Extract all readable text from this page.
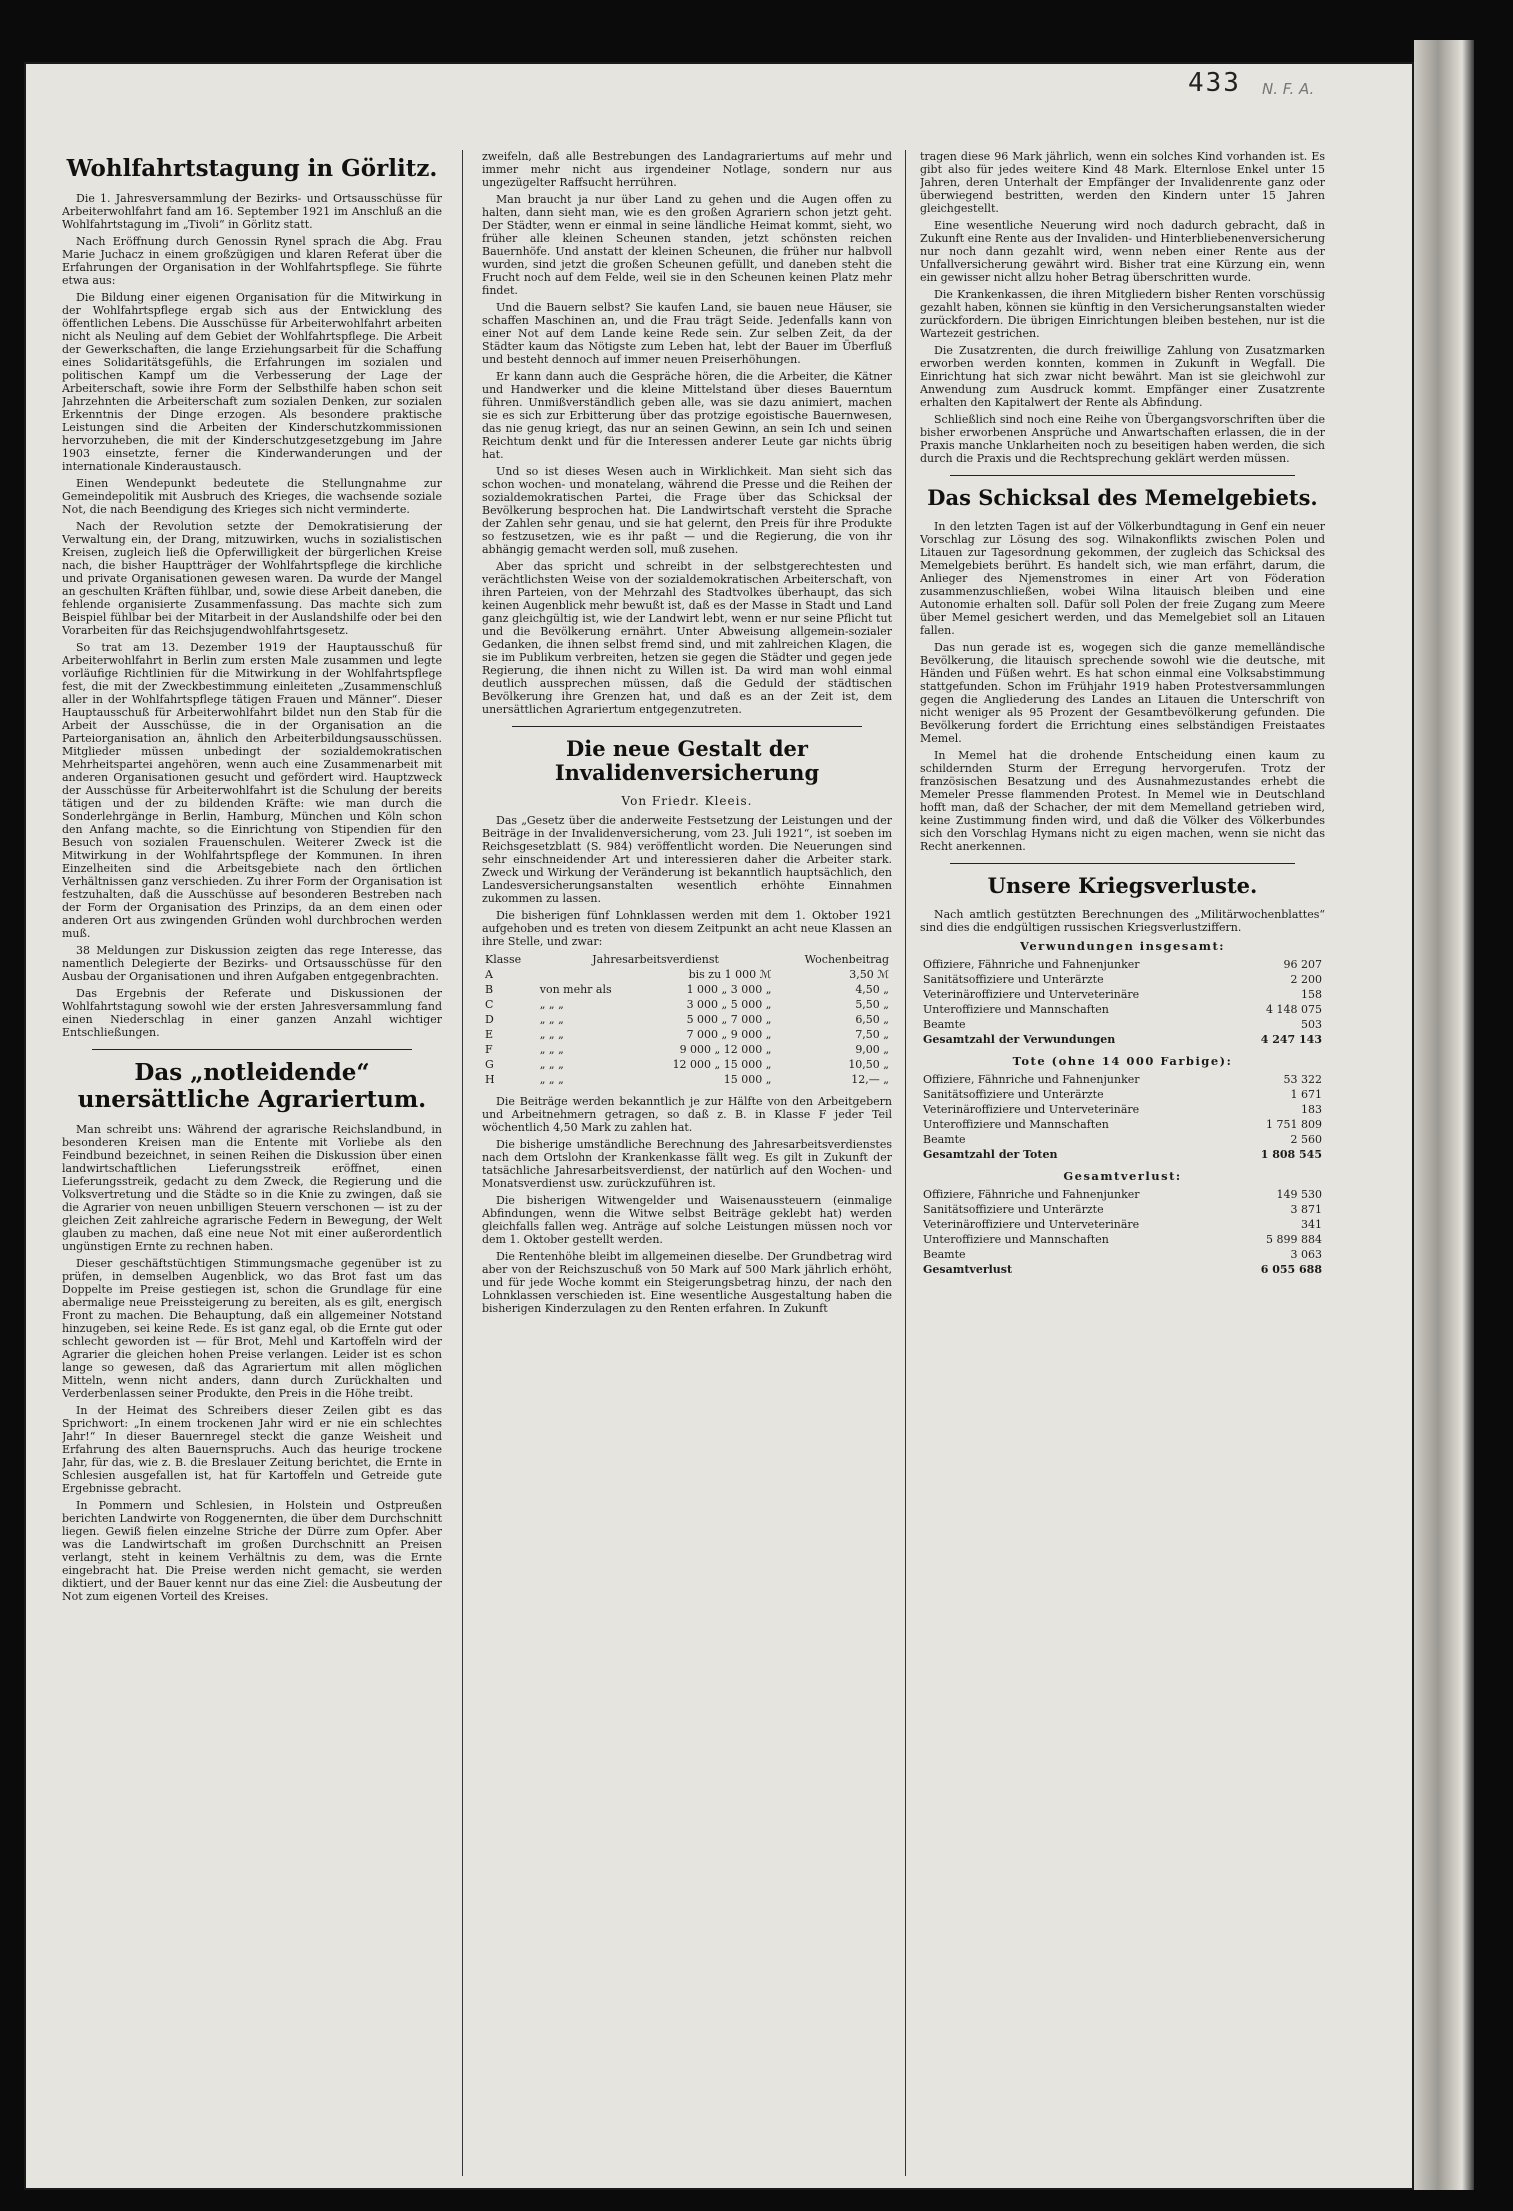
433 N. F. A.
Wohlfahrtstagung in Görlitz.

Die 1. Jahresversammlung der Bezirks- und Ortsausschüsse für Arbeiterwohlfahrt fand am 16. September 1921 im Anschluß an die Wohlfahrtstagung im „Tivoli“ in Görlitz statt.

Nach Eröffnung durch Genossin Rynel sprach die Abg. Frau Marie Juchacz in einem großzügigen und klaren Referat über die Erfahrungen der Organisation in der Wohlfahrtspflege. Sie führte etwa aus:

Die Bildung einer eigenen Organisation für die Mitwirkung in der Wohlfahrtspflege ergab sich aus der Entwicklung des öffentlichen Lebens. Die Ausschüsse für Arbeiterwohlfahrt arbeiten nicht als Neuling auf dem Gebiet der Wohlfahrtspflege. Die Arbeit der Gewerkschaften, die lange Erziehungsarbeit für die Schaffung eines Solidaritätsgefühls, die Erfahrungen im sozialen und politischen Kampf um die Verbesserung der Lage der Arbeiterschaft, sowie ihre Form der Selbsthilfe haben schon seit Jahrzehnten die Arbeiterschaft zum sozialen Denken, zur sozialen Erkenntnis der Dinge erzogen. Als besondere praktische Leistungen sind die Arbeiten der Kinderschutzkommissionen hervorzuheben, die mit der Kinderschutzgesetzgebung im Jahre 1903 einsetzte, ferner die Kinderwanderungen und der internationale Kinderaustausch.

Einen Wendepunkt bedeutete die Stellungnahme zur Gemeindepolitik mit Ausbruch des Krieges, die wachsende soziale Not, die nach Beendigung des Krieges sich nicht verminderte.

Nach der Revolution setzte der Demokratisierung der Verwaltung ein, der Drang, mitzuwirken, wuchs in sozialistischen Kreisen, zugleich ließ die Opferwilligkeit der bürgerlichen Kreise nach, die bisher Hauptträger der Wohlfahrtspflege die kirchliche und private Organisationen gewesen waren. Da wurde der Mangel an geschulten Kräften fühlbar, und, sowie diese Arbeit daneben, die fehlende organisierte Zusammenfassung. Das machte sich zum Beispiel fühlbar bei der Mitarbeit in der Auslandshilfe oder bei den Vorarbeiten für das Reichsjugendwohlfahrtsgesetz.

So trat am 13. Dezember 1919 der Hauptausschuß für Arbeiterwohlfahrt in Berlin zum ersten Male zusammen und legte vorläufige Richtlinien für die Mitwirkung in der Wohlfahrtspflege fest, die mit der Zweckbestimmung einleiteten „Zusammenschluß aller in der Wohlfahrtspflege tätigen Frauen und Männer“. Dieser Hauptausschuß für Arbeiterwohlfahrt bildet nun den Stab für die Arbeit der Ausschüsse, die in der Organisation an die Parteiorganisation an, ähnlich den Arbeiterbildungsausschüssen. Mitglieder müssen unbedingt der sozialdemokratischen Mehrheitspartei angehören, wenn auch eine Zusammenarbeit mit anderen Organisationen gesucht und gefördert wird. Hauptzweck der Ausschüsse für Arbeiterwohlfahrt ist die Schulung der bereits tätigen und der zu bildenden Kräfte: wie man durch die Sonderlehrgänge in Berlin, Hamburg, München und Köln schon den Anfang machte, so die Einrichtung von Stipendien für den Besuch von sozialen Frauenschulen. Weiterer Zweck ist die Mitwirkung in der Wohlfahrtspflege der Kommunen. In ihren Einzelheiten sind die Arbeitsgebiete nach den örtlichen Verhältnissen ganz verschieden. Zu ihrer Form der Organisation ist festzuhalten, daß die Ausschüsse auf besonderen Bestreben nach der Form der Organisation des Prinzips, da an dem einen oder anderen Ort aus zwingenden Gründen wohl durchbrochen werden muß.

38 Meldungen zur Diskussion zeigten das rege Interesse, das namentlich Delegierte der Bezirks- und Ortsausschüsse für den Ausbau der Organisationen und ihren Aufgaben entgegenbrachten.

Das Ergebnis der Referate und Diskussionen der Wohlfahrtstagung sowohl wie der ersten Jahresversammlung fand einen Niederschlag in einer ganzen Anzahl wichtiger Entschließungen.

Das „notleidende“ unersättliche Agrariertum.

Man schreibt uns: Während der agrarische Reichslandbund, in besonderen Kreisen man die Entente mit Vorliebe als den Feindbund bezeichnet, in seinen Reihen die Diskussion über einen landwirtschaftlichen Lieferungsstreik eröffnet, einen Lieferungsstreik, gedacht zu dem Zweck, die Regierung und die Volksvertretung und die Städte so in die Knie zu zwingen, daß sie die Agrarier von neuen unbilligen Steuern verschonen — ist zu der gleichen Zeit zahlreiche agrarische Federn in Bewegung, der Welt glauben zu machen, daß eine neue Not mit einer außerordentlich ungünstigen Ernte zu rechnen haben.

Dieser geschäftstüchtigen Stimmungsmache gegenüber ist zu prüfen, in demselben Augenblick, wo das Brot fast um das Doppelte im Preise gestiegen ist, schon die Grundlage für eine abermalige neue Preissteigerung zu bereiten, als es gilt, energisch Front zu machen. Die Behauptung, daß ein allgemeiner Notstand hinzugeben, sei keine Rede. Es ist ganz egal, ob die Ernte gut oder schlecht geworden ist — für Brot, Mehl und Kartoffeln wird der Agrarier die gleichen hohen Preise verlangen. Leider ist es schon lange so gewesen, daß das Agrariertum mit allen möglichen Mitteln, wenn nicht anders, dann durch Zurückhalten und Verderbenlassen seiner Produkte, den Preis in die Höhe treibt.

In der Heimat des Schreibers dieser Zeilen gibt es das Sprichwort: „In einem trockenen Jahr wird er nie ein schlechtes Jahr!“ In dieser Bauernregel steckt die ganze Weisheit und Erfahrung des alten Bauernspruchs. Auch das heurige trockene Jahr, für das, wie z. B. die Breslauer Zeitung berichtet, die Ernte in Schlesien ausgefallen ist, hat für Kartoffeln und Getreide gute Ergebnisse gebracht.

In Pommern und Schlesien, in Holstein und Ostpreußen berichten Landwirte von Roggenernten, die über dem Durchschnitt liegen. Gewiß fielen einzelne Striche der Dürre zum Opfer. Aber was die Landwirtschaft im großen Durchschnitt an Preisen verlangt, steht in keinem Verhältnis zu dem, was die Ernte eingebracht hat. Die Preise werden nicht gemacht, sie werden diktiert, und der Bauer kennt nur das eine Ziel: die Ausbeutung der Not zum eigenen Vorteil des Kreises.

zweifeln, daß alle Bestrebungen des Landagrariertums auf mehr und immer mehr nicht aus irgendeiner Notlage, sondern nur aus ungezügelter Raffsucht herrühren.

Man braucht ja nur über Land zu gehen und die Augen offen zu halten, dann sieht man, wie es den großen Agrariern schon jetzt geht. Der Städter, wenn er einmal in seine ländliche Heimat kommt, sieht, wo früher alle kleinen Scheunen standen, jetzt schönsten reichen Bauernhöfe. Und anstatt der kleinen Scheunen, die früher nur halbvoll wurden, sind jetzt die großen Scheunen gefüllt, und daneben steht die Frucht noch auf dem Felde, weil sie in den Scheunen keinen Platz mehr findet.

Und die Bauern selbst? Sie kaufen Land, sie bauen neue Häuser, sie schaffen Maschinen an, und die Frau trägt Seide. Jedenfalls kann von einer Not auf dem Lande keine Rede sein. Zur selben Zeit, da der Städter kaum das Nötigste zum Leben hat, lebt der Bauer im Überfluß und besteht dennoch auf immer neuen Preiserhöhungen.

Er kann dann auch die Gespräche hören, die die Arbeiter, die Kätner und Handwerker und die kleine Mittelstand über dieses Bauerntum führen. Unmißverständlich geben alle, was sie dazu animiert, machen sie es sich zur Erbitterung über das protzige egoistische Bauernwesen, das nie genug kriegt, das nur an seinen Gewinn, an sein Ich und seinen Reichtum denkt und für die Interessen anderer Leute gar nichts übrig hat.

Und so ist dieses Wesen auch in Wirklichkeit. Man sieht sich das schon wochen- und monatelang, während die Presse und die Reihen der sozialdemokratischen Partei, die Frage über das Schicksal der Bevölkerung besprochen hat. Die Landwirtschaft versteht die Sprache der Zahlen sehr genau, und sie hat gelernt, den Preis für ihre Produkte so festzusetzen, wie es ihr paßt — und die Regierung, die von ihr abhängig gemacht werden soll, muß zusehen.

Aber das spricht und schreibt in der selbstgerechtesten und verächtlichsten Weise von der sozialdemokratischen Arbeiterschaft, von ihren Parteien, von der Mehrzahl des Stadtvolkes überhaupt, das sich keinen Augenblick mehr bewußt ist, daß es der Masse in Stadt und Land ganz gleichgültig ist, wie der Landwirt lebt, wenn er nur seine Pflicht tut und die Bevölkerung ernährt. Unter Abweisung allgemein-sozialer Gedanken, die ihnen selbst fremd sind, und mit zahlreichen Klagen, die sie im Publikum verbreiten, hetzen sie gegen die Städter und gegen jede Regierung, die ihnen nicht zu Willen ist. Da wird man wohl einmal deutlich aussprechen müssen, daß die Geduld der städtischen Bevölkerung ihre Grenzen hat, und daß es an der Zeit ist, dem unersättlichen Agrariertum entgegenzutreten.

Die neue Gestalt der Invalidenversicherung
Von Friedr. Kleeis.

Das „Gesetz über die anderweite Festsetzung der Leistungen und der Beiträge in der Invalidenversicherung, vom 23. Juli 1921“, ist soeben im Reichsgesetzblatt (S. 984) veröffentlicht worden. Die Neuerungen sind sehr einschneidender Art und interessieren daher die Arbeiter stark. Zweck und Wirkung der Veränderung ist bekanntlich hauptsächlich, den Landesversicherungsanstalten wesentlich erhöhte Einnahmen zukommen zu lassen.

Die bisherigen fünf Lohnklassen werden mit dem 1. Oktober 1921 aufgehoben und es treten von diesem Zeitpunkt an acht neue Klassen an ihre Stelle, und zwar:

Klasse	Jahresarbeitsverdienst		Wochenbeitrag
A		bis zu 1 000 ℳ	3,50 ℳ
B	von mehr als	1 000 „ 3 000 „	4,50 „
C	„ „ „	3 000 „ 5 000 „	5,50 „
D	„ „ „	5 000 „ 7 000 „	6,50 „
E	„ „ „	7 000 „ 9 000 „	7,50 „
F	„ „ „	9 000 „ 12 000 „	9,00 „
G	„ „ „	12 000 „ 15 000 „	10,50 „
H	„ „ „	15 000 „	12,— „

Die Beiträge werden bekanntlich je zur Hälfte von den Arbeitgebern und Arbeitnehmern getragen, so daß z. B. in Klasse F jeder Teil wöchentlich 4,50 Mark zu zahlen hat.

Die bisherige umständliche Berechnung des Jahresarbeitsverdienstes nach dem Ortslohn der Krankenkasse fällt weg. Es gilt in Zukunft der tatsächliche Jahresarbeitsverdienst, der natürlich auf den Wochen- und Monatsverdienst usw. zurückzuführen ist.

Die bisherigen Witwengelder und Waisenaussteuern (einmalige Abfindungen, wenn die Witwe selbst Beiträge geklebt hat) werden gleichfalls fallen weg. Anträge auf solche Leistungen müssen noch vor dem 1. Oktober gestellt werden.

Die Rentenhöhe bleibt im allgemeinen dieselbe. Der Grundbetrag wird aber von der Reichszuschuß von 50 Mark auf 500 Mark jährlich erhöht, und für jede Woche kommt ein Steigerungsbetrag hinzu, der nach den Lohnklassen verschieden ist. Eine wesentliche Ausgestaltung haben die bisherigen Kinderzulagen zu den Renten erfahren. In Zukunft

tragen diese 96 Mark jährlich, wenn ein solches Kind vorhanden ist. Es gibt also für jedes weitere Kind 48 Mark. Elternlose Enkel unter 15 Jahren, deren Unterhalt der Empfänger der Invalidenrente ganz oder überwiegend bestritten, werden den Kindern unter 15 Jahren gleichgestellt.

Eine wesentliche Neuerung wird noch dadurch gebracht, daß in Zukunft eine Rente aus der Invaliden- und Hinterbliebenenversicherung nur noch dann gezahlt wird, wenn neben einer Rente aus der Unfallversicherung gewährt wird. Bisher trat eine Kürzung ein, wenn ein gewisser nicht allzu hoher Betrag überschritten wurde.

Die Krankenkassen, die ihren Mitgliedern bisher Renten vorschüssig gezahlt haben, können sie künftig in den Versicherungsanstalten wieder zurückfordern. Die übrigen Einrichtungen bleiben bestehen, nur ist die Wartezeit gestrichen.

Die Zusatzrenten, die durch freiwillige Zahlung von Zusatzmarken erworben werden konnten, kommen in Zukunft in Wegfall. Die Einrichtung hat sich zwar nicht bewährt. Man ist sie gleichwohl zur Anwendung zum Ausdruck kommt. Empfänger einer Zusatzrente erhalten den Kapitalwert der Rente als Abfindung.

Schließlich sind noch eine Reihe von Übergangsvorschriften über die bisher erworbenen Ansprüche und Anwartschaften erlassen, die in der Praxis manche Unklarheiten noch zu beseitigen haben werden, die sich durch die Praxis und die Rechtsprechung geklärt werden müssen.

Das Schicksal des Memelgebiets.

In den letzten Tagen ist auf der Völkerbundtagung in Genf ein neuer Vorschlag zur Lösung des sog. Wilnakonflikts zwischen Polen und Litauen zur Tagesordnung gekommen, der zugleich das Schicksal des Memelgebiets berührt. Es handelt sich, wie man erfährt, darum, die Anlieger des Njemenstromes in einer Art von Föderation zusammenzuschließen, wobei Wilna litauisch bleiben und eine Autonomie erhalten soll. Dafür soll Polen der freie Zugang zum Meere über Memel gesichert werden, und das Memelgebiet soll an Litauen fallen.

Das nun gerade ist es, wogegen sich die ganze memelländische Bevölkerung, die litauisch sprechende sowohl wie die deutsche, mit Händen und Füßen wehrt. Es hat schon einmal eine Volksabstimmung stattgefunden. Schon im Frühjahr 1919 haben Protestversammlungen gegen die Angliederung des Landes an Litauen die Unterschrift von nicht weniger als 95 Prozent der Gesamtbevölkerung gefunden. Die Bevölkerung fordert die Errichtung eines selbständigen Freistaates Memel.

In Memel hat die drohende Entscheidung einen kaum zu schildernden Sturm der Erregung hervorgerufen. Trotz der französischen Besatzung und des Ausnahmezustandes erhebt die Memeler Presse flammenden Protest. In Memel wie in Deutschland hofft man, daß der Schacher, der mit dem Memelland getrieben wird, keine Zustimmung finden wird, und daß die Völker des Völkerbundes sich den Vorschlag Hymans nicht zu eigen machen, wenn sie nicht das Recht anerkennen.

Unsere Kriegsverluste.

Nach amtlich gestützten Berechnungen des „Militärwochenblattes“ sind dies die endgültigen russischen Kriegsverlustziffern.

Verwundungen insgesamt:
Offiziere, Fähnriche und Fahnenjunker	96 207
Sanitätsoffiziere und Unterärzte	2 200
Veterinäroffiziere und Unterveterinäre	158
Unteroffiziere und Mannschaften	4 148 075
Beamte	503
Gesamtzahl der Verwundungen	4 247 143
Tote (ohne 14 000 Farbige):
Offiziere, Fähnriche und Fahnenjunker	53 322
Sanitätsoffiziere und Unterärzte	1 671
Veterinäroffiziere und Unterveterinäre	183
Unteroffiziere und Mannschaften	1 751 809
Beamte	2 560
Gesamtzahl der Toten	1 808 545
Gesamtverlust:
Offiziere, Fähnriche und Fahnenjunker	149 530
Sanitätsoffiziere und Unterärzte	3 871
Veterinäroffiziere und Unterveterinäre	341
Unteroffiziere und Mannschaften	5 899 884
Beamte	3 063
Gesamtverlust	6 055 688
